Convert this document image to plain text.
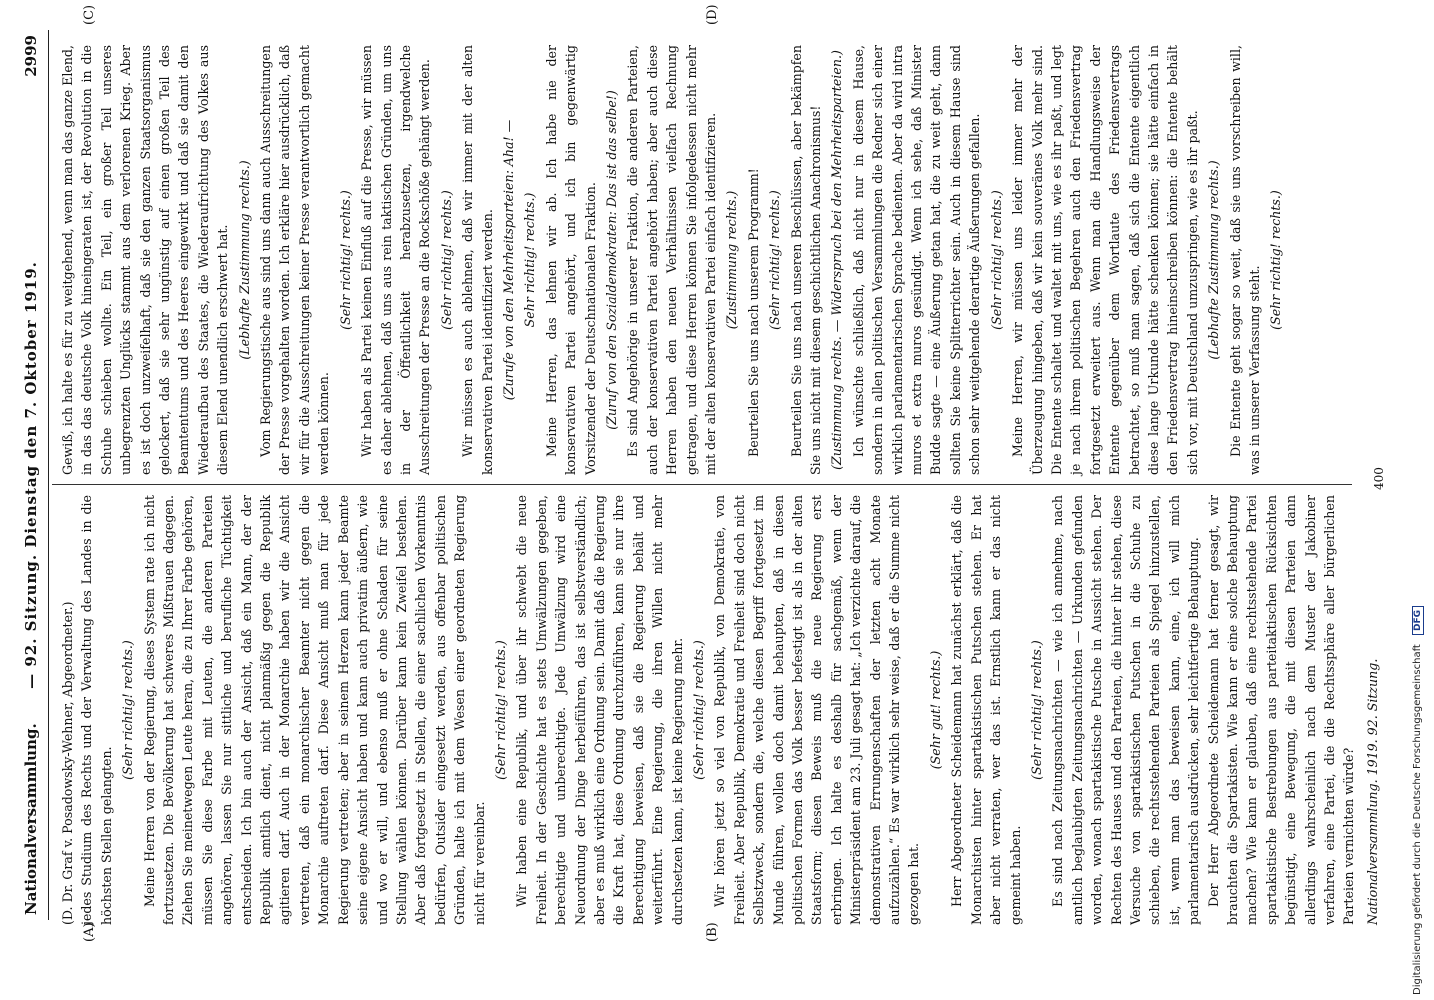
Nationalversammlung.
— 92. Sitzung. Dienstag den 7. Oktober 1919.
2999
(A)	(B)
(C)	(D)

(D. Dr. Graf v. Posadowsky-Wehner, Abgeordneter.) jedes Studium des Rechts und der Verwaltung des Landes in die höchsten Stellen gelangten.

(Sehr richtig! rechts.) Meine Herren von der Regierung, dieses System rate ich nicht fortzusetzen. Die Bevölkerung hat schweres Mißtrauen dagegen. Ziehen Sie meinetwegen Leute heran, die zu Ihrer Farbe gehören, müssen Sie diese Farbe mit Leuten, die anderen Parteien angehören, lassen Sie nur sittliche und berufliche Tüchtigkeit entscheiden. Ich bin auch der Ansicht, daß ein Mann, der der Republik amtlich dient, nicht planmäßig gegen die Republik agitieren darf. Auch in der Monarchie haben wir die Ansicht vertreten, daß ein monarchischer Beamter nicht gegen die Monarchie auftreten darf. Diese Ansicht muß man für jede Regierung vertreten; aber in seinem Herzen kann jeder Beamte seine eigene Ansicht haben und kann auch privatim äußern, wie und wo er will, und ebenso muß er ohne Schaden für seine Stellung wählen können. Darüber kann kein Zweifel bestehen. Aber daß fortgesetzt in Stellen, die einer sachlichen Vorkenntnis bedürfen, Outsider eingesetzt werden, aus offenbar politischen Gründen, halte ich mit dem Wesen einer geordneten Regierung nicht für vereinbar.

(Sehr richtig! rechts.) Wir haben eine Republik, und über ihr schwebt die neue Freiheit. In der Geschichte hat es stets Umwälzungen gegeben, berechtigte und unberechtigte. Jede Umwälzung wird eine Neuordnung der Dinge herbeiführen, das ist selbstverständlich; aber es muß wirklich eine Ordnung sein. Damit daß die Regierung die Kraft hat, diese Ordnung durchzuführen, kann sie nur ihre Berechtigung beweisen, daß sie die Regierung behält und weiterführt. Eine Regierung, die ihren Willen nicht mehr durchsetzen kann, ist keine Regierung mehr. (Sehr richtig! rechts.) Wir hören jetzt so viel von Republik, von Demokratie, von Freiheit. Aber Republik, Demokratie und Freiheit sind doch nicht Selbstzweck, sondern die, welche diesen Begriff fortgesetzt im Munde führen, wollen doch damit behaupten, daß in diesen politischen Formen das Volk besser befestigt ist als in der alten Staatsform; diesen Beweis muß die neue Regierung erst erbringen. Ich halte es deshalb für sachgemäß, wenn der Ministerpräsident am 23. Juli gesagt hat: „Ich verzichte darauf, die demonstrativen Errungenschaften der letzten acht Monate aufzuzählen.“ Es war wirklich sehr weise, daß er die Summe nicht gezogen hat.

(Sehr gut! rechts.) Herr Abgeordneter Scheidemann hat zunächst erklärt, daß die Monarchisten hinter spartakistischen Putschen stehen. Er hat aber nicht verraten, wer das ist. Ernstlich kann er das nicht gemeint haben.

(Sehr richtig! rechts.) Es sind nach Zeitungsnachrichten — wie ich annehme, nach amtlich beglaubigten Zeitungsnachrichten — Urkunden gefunden worden, wonach spartakistische Putsche in Aussicht stehen. Der Rechten des Hauses und den Parteien, die hinter ihr stehen, diese Versuche von spartakistischen Putschen in die Schuhe zu schieben, die rechtsstehenden Parteien als Spiegel hinzustellen, ist, wenn man das beweisen kann, eine, ich will mich parlamentarisch ausdrücken, sehr leichtfertige Behauptung. Der Herr Abgeordnete Scheidemann hat ferner gesagt, wir brauchten die Spartakisten. Wie kann er eine solche Behauptung machen? Wie kann er glauben, daß eine rechtsstehende Partei spartakistische Bestrebungen aus parteitaktischen Rücksichten begünstigt, eine Bewegung, die mit diesen Parteien dann allerdings wahrscheinlich nach dem Muster der Jakobiner verfahren, eine Partei, die die Rechtssphäre aller bürgerlichen Parteien vernichten würde?

Gewiß, ich halte es für zu weitgehend, wenn man das ganze Elend, in das das deutsche Volk hineingeraten ist, der Revolution in die Schuhe schieben wollte. Ein Teil, ein großer Teil unseres unbegrenzten Unglücks stammt aus dem verlorenen Krieg. Aber es ist doch unzweifelhaft, daß sie den ganzen Staatsorganismus gelockert, daß sie sehr ungünstig auf einen großen Teil des Beamtentums und des Heeres eingewirkt und daß sie damit den Wiederaufbau des Staates, die Wiederaufrichtung des Volkes aus diesem Elend unendlich erschwert hat. (Lebhafte Zustimmung rechts.) Vom Regierungstische aus sind uns dann auch Ausschreitungen der Presse vorgehalten worden. Ich erkläre hier ausdrücklich, daß wir für die Ausschreitungen keiner Presse verantwortlich gemacht werden können.

(Sehr richtig! rechts.) Wir haben als Partei keinen Einfluß auf die Presse, wir müssen es daher ablehnen, daß uns aus rein taktischen Gründen, um uns in der Öffentlichkeit herabzusetzen, irgendwelche Ausschreitungen der Presse an die Rockschöße gehängt werden. (Sehr richtig! rechts.) Wir müssen es auch ablehnen, daß wir immer mit der alten konservativen Partei identifiziert werden. (Zurufe von den Mehrheitsparteien: Aha! — Sehr richtig! rechts.) Meine Herren, das lehnen wir ab. Ich habe nie der konservativen Partei angehört, und ich bin gegenwärtig Vorsitzender der Deutschnationalen Fraktion. (Zuruf von den Sozialdemokraten: Das ist das selbe!) Es sind Angehörige in unserer Fraktion, die anderen Parteien, auch der konservativen Partei angehört haben; aber auch diese Herren haben den neuen Verhältnissen vielfach Rechnung getragen, und diese Herren können Sie infolgedessen nicht mehr mit der alten konservativen Partei einfach identifizieren. (Zustimmung rechts.) Beurteilen Sie uns nach unserem Programm! (Sehr richtig! rechts.) Beurteilen Sie uns nach unseren Beschlüssen, aber bekämpfen Sie uns nicht mit diesem geschichtlichen Anachronismus! (Zustimmung rechts. — Widerspruch bei den Mehrheitsparteien.) Ich wünschte schließlich, daß nicht nur in diesem Hause, sondern in allen politischen Versammlungen die Redner sich einer wirklich parlamentarischen Sprache bedienten. Aber da wird intra muros et extra muros gesündigt. Wenn ich sehe, daß Minister Budde sagte — eine Äußerung getan hat, die zu weit geht, dann sollten Sie keine Splitterrichter sein. Auch in diesem Hause sind schon sehr weitgehende derartige Äußerungen gefallen. (Sehr richtig! rechts.) Meine Herren, wir müssen uns leider immer mehr der Überzeugung hingeben, daß wir kein souveränes Volk mehr sind. Die Entente schaltet und waltet mit uns, wie es ihr paßt, und legt je nach ihrem politischen Begehren auch den Friedensvertrag fortgesetzt erweitert aus. Wenn man die Handlungsweise der Entente gegenüber dem Wortlaute des Friedensvertrags betrachtet, so muß man sagen, daß sich die Entente eigentlich diese lange Urkunde hätte schenken können; sie hätte einfach in den Friedensvertrag hineinschreiben können: die Entente behält sich vor, mit Deutschland umzuspringen, wie es ihr paßt. (Lebhafte Zustimmung rechts.) Die Entente geht sogar so weit, daß sie uns vorschreiben will, was in unserer Verfassung steht.

(Sehr richtig! rechts.)

Nationalversammlung. 1919. 92. Sitzung.
400
Digitalisierung gefördert durch die Deutsche Forschungsgemeinschaft DFG
